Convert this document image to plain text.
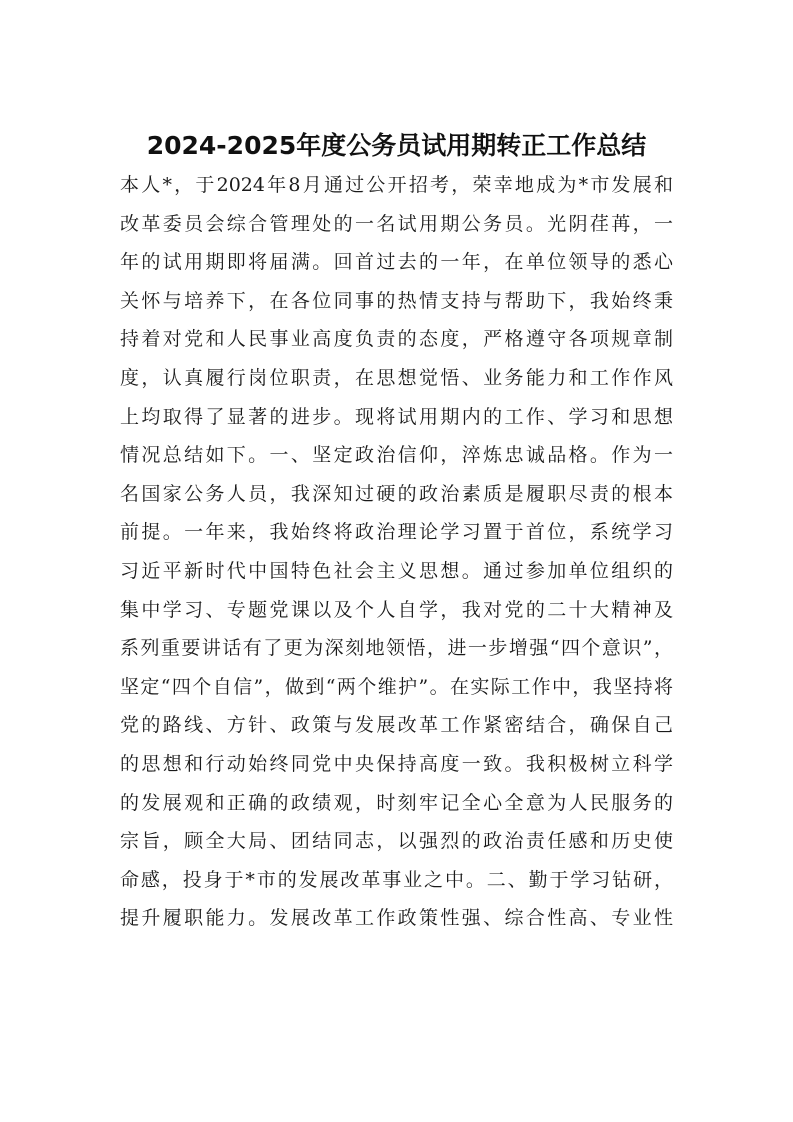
2024-2025年度公务员试用期转正工作总结
本人*，于2024年8月通过公开招考，荣幸地成为*市发展和
改革委员会综合管理处的一名试用期公务员。光阴荏苒，一
年的试用期即将届满。回首过去的一年，在单位领导的悉心
关怀与培养下，在各位同事的热情支持与帮助下，我始终秉
持着对党和人民事业高度负责的态度，严格遵守各项规章制
度，认真履行岗位职责，在思想觉悟、业务能力和工作作风
上均取得了显著的进步。现将试用期内的工作、学习和思想
情况总结如下。一、坚定政治信仰，淬炼忠诚品格。作为一
名国家公务人员，我深知过硬的政治素质是履职尽责的根本
前提。一年来，我始终将政治理论学习置于首位，系统学习
习近平新时代中国特色社会主义思想。通过参加单位组织的
集中学习、专题党课以及个人自学，我对党的二十大精神及
系列重要讲话有了更为深刻地领悟，进一步增强“四个意识”，
坚定“四个自信”，做到“两个维护”。在实际工作中，我坚持将
党的路线、方针、政策与发展改革工作紧密结合，确保自己
的思想和行动始终同党中央保持高度一致。我积极树立科学
的发展观和正确的政绩观，时刻牢记全心全意为人民服务的
宗旨，顾全大局、团结同志，以强烈的政治责任感和历史使
命感，投身于*市的发展改革事业之中。二、勤于学习钻研，
提升履职能力。发展改革工作政策性强、综合性高、专业性
